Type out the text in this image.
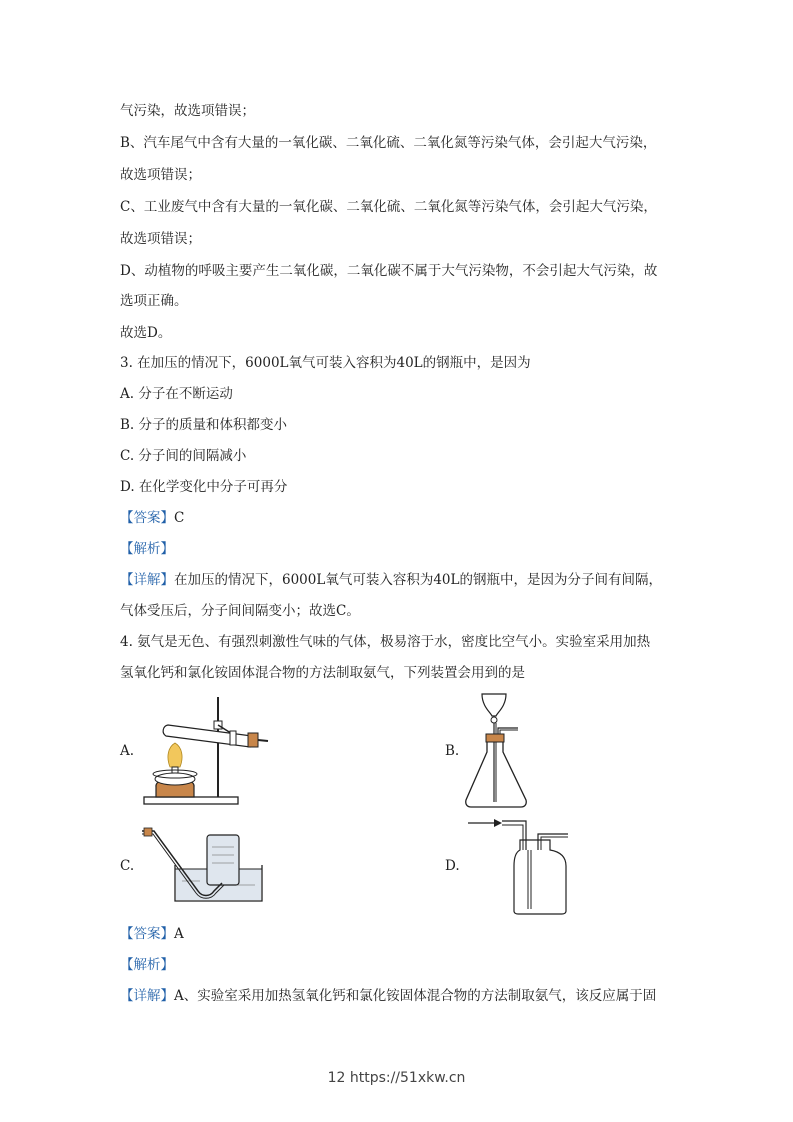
气污染，故选项错误；
B、汽车尾气中含有大量的一氧化碳、二氧化硫、二氧化氮等污染气体，会引起大气污染，
故选项错误；
C、工业废气中含有大量的一氧化碳、二氧化硫、二氧化氮等污染气体，会引起大气污染，
故选项错误；
D、动植物的呼吸主要产生二氧化碳，二氧化碳不属于大气污染物，不会引起大气污染，故
选项正确。
故选D。
3. 在加压的情况下，6000L氧气可装入容积为40L的钢瓶中，是因为
A. 分子在不断运动
B. 分子的质量和体积都变小
C. 分子间的间隔减小
D. 在化学变化中分子可再分
【答案】C
【解析】
【详解】在加压的情况下，6000L氧气可装入容积为40L的钢瓶中，是因为分子间有间隔，
气体受压后，分子间间隔变小；故选C。
4. 氨气是无色、有强烈刺激性气味的气体，极易溶于水，密度比空气小。实验室采用加热
氢氧化钙和氯化铵固体混合物的方法制取氨气，下列装置会用到的是
A.	B.
C.	D.
【答案】A
【解析】
【详解】A、实验室采用加热氢氧化钙和氯化铵固体混合物的方法制取氨气，该反应属于固
12 https://51xkw.cn
